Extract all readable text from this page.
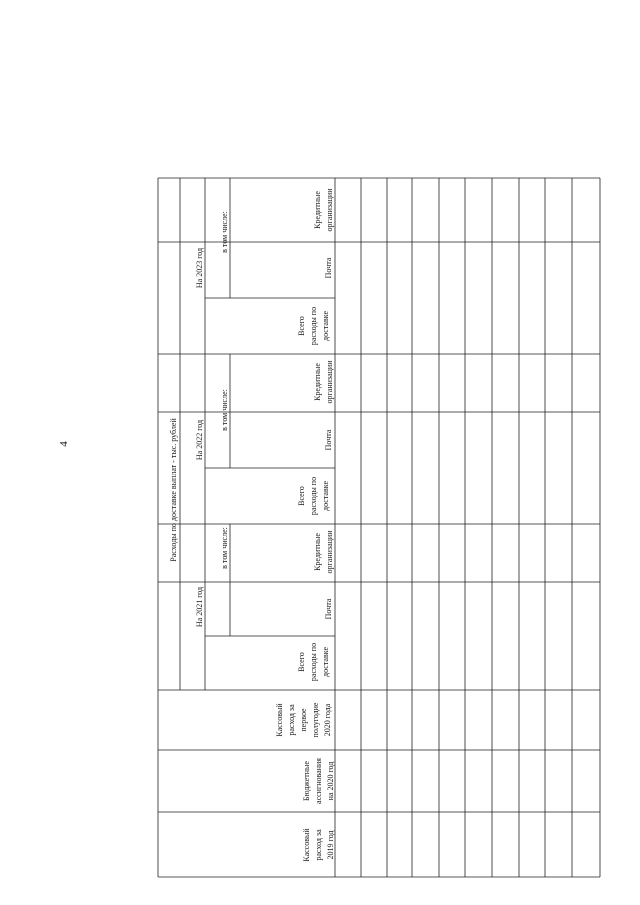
4
Кассовый расход за 2019 год
Бюджетные ассигнования на 2020 год
Кассовый расход за первое полугодие 2020 года
Расходы по доставке выплат - тыс. рублей
На 2021 год
Всего расходы по доставке
в том числе:
Почта
Кредитные организации
На 2022 год
Всего расходы по доставке
в том числе:
Почта
Кредитные организации
На 2023 год
Всего расходы по доставке
в том числе:
Почта
Кредитные организации
